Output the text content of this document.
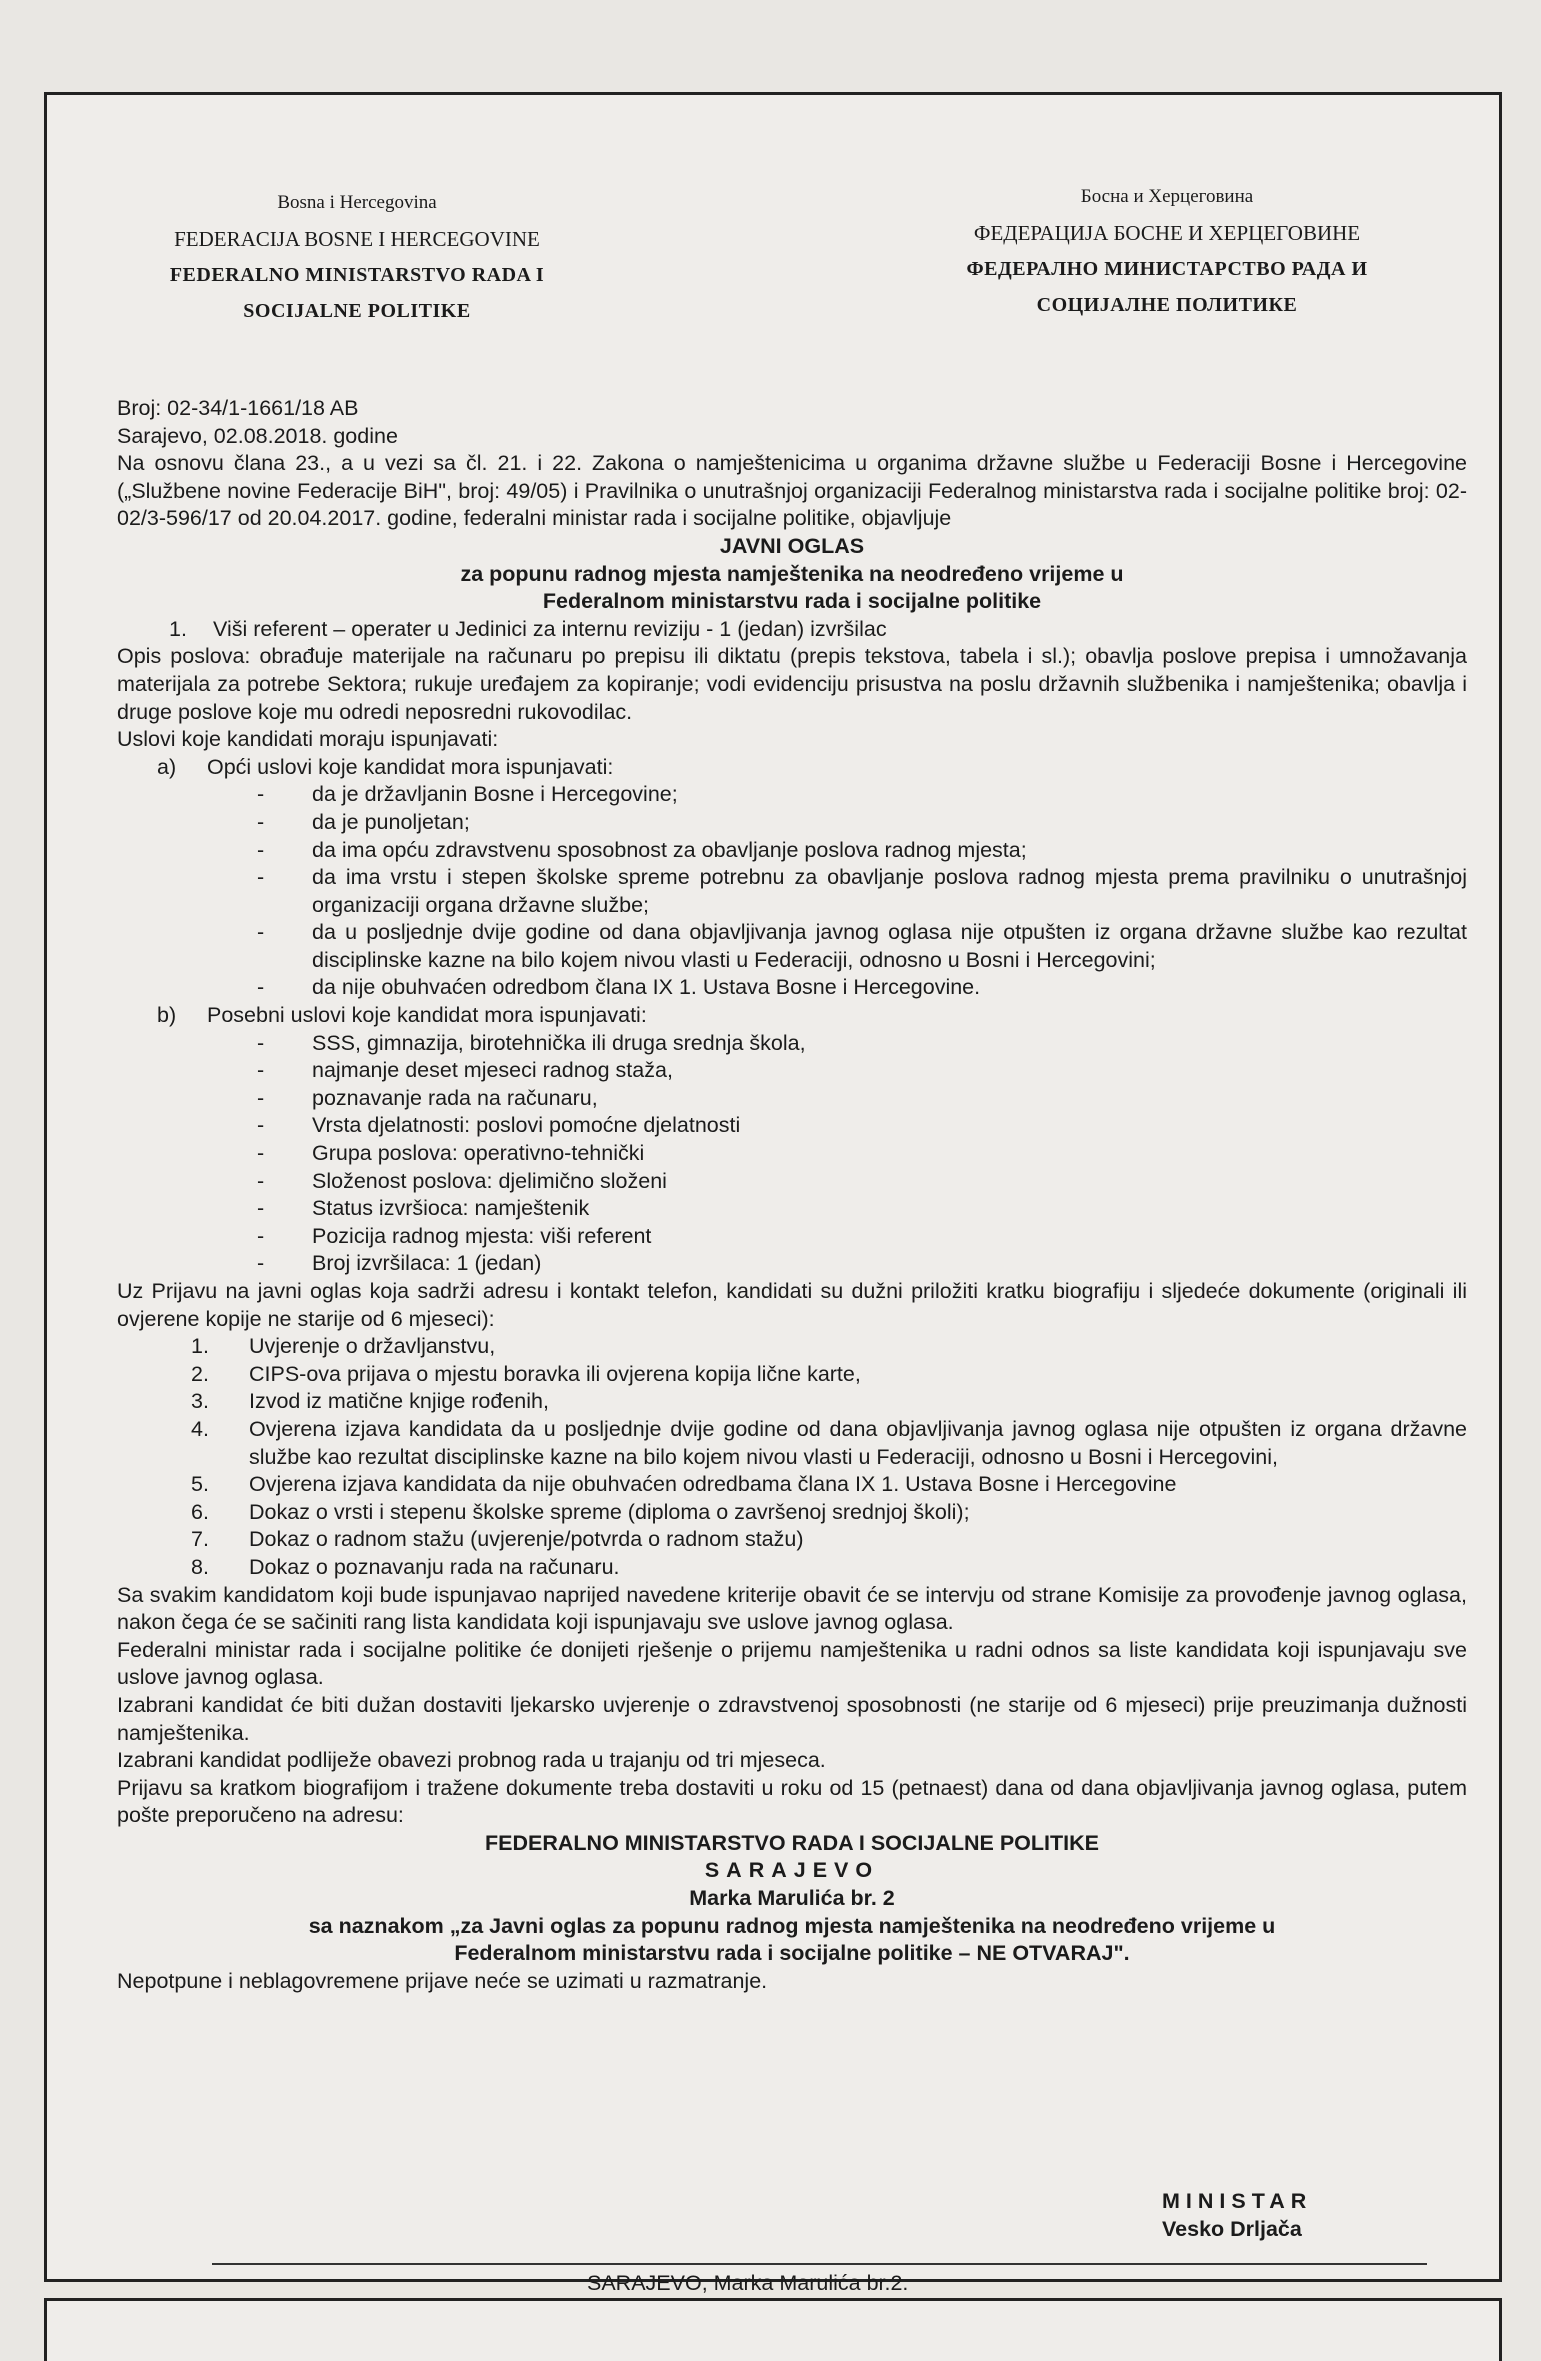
Bosna i Hercegovina
FEDERACIJA BOSNE I HERCEGOVINE
FEDERALNO MINISTARSTVO RADA I
SOCIJALNE POLITIKE
Босна и Херцеговина
ФЕДЕРАЦИЈА БОСНЕ И ХЕРЦЕГОВИНЕ
ФЕДЕРАЛНО МИНИСТАРСТВО РАДА И
СОЦИЈАЛНЕ ПОЛИТИКЕ
Broj: 02-34/1-1661/18 AB
Sarajevo, 02.08.2018. godine
Na osnovu člana 23., a u vezi sa čl. 21. i 22. Zakona o namještenicima u organima državne službe u Federaciji Bosne i Hercegovine („Službene novine Federacije BiH", broj: 49/05) i Pravilnika o unutrašnjoj organizaciji Federalnog ministarstva rada i socijalne politike broj: 02-02/3-596/17 od 20.04.2017. godine, federalni ministar rada i socijalne politike, objavljuje
JAVNI OGLAS
za popunu radnog mjesta namještenika na neodređeno vrijeme u
Federalnom ministarstvu rada i socijalne politike
1.	Viši referent – operater u Jedinici za internu reviziju - 1 (jedan) izvršilac
Opis poslova: obrađuje materijale na računaru po prepisu ili diktatu (prepis tekstova, tabela i sl.); obavlja poslove prepisa i umnožavanja materijala za potrebe Sektora; rukuje uređajem za kopiranje; vodi evidenciju prisustva na poslu državnih službenika i namještenika; obavlja i druge poslove koje mu odredi neposredni rukovodilac.
Uslovi koje kandidati moraju ispunjavati:
a)	Opći uslovi koje kandidat mora ispunjavati:
-	da je državljanin Bosne i Hercegovine;
-	da je punoljetan;
-	da ima opću zdravstvenu sposobnost za obavljanje poslova radnog mjesta;
-	da ima vrstu i stepen školske spreme potrebnu za obavljanje poslova radnog mjesta prema pravilniku o unutrašnjoj organizaciji organa državne službe;
-	da u posljednje dvije godine od dana objavljivanja javnog oglasa nije otpušten iz organa državne službe kao rezultat disciplinske kazne na bilo kojem nivou vlasti u Federaciji, odnosno u Bosni i Hercegovini;
-	da nije obuhvaćen odredbom člana IX 1. Ustava Bosne i Hercegovine.
b)	Posebni uslovi koje kandidat mora ispunjavati:
-	SSS, gimnazija, birotehnička ili druga srednja škola,
-	najmanje deset mjeseci radnog staža,
-	poznavanje rada na računaru,
-	Vrsta djelatnosti: poslovi pomoćne djelatnosti
-	Grupa poslova: operativno-tehnički
-	Složenost poslova: djelimično složeni
-	Status izvršioca: namještenik
-	Pozicija radnog mjesta: viši referent
-	Broj izvršilaca: 1 (jedan)
Uz Prijavu na javni oglas koja sadrži adresu i kontakt telefon, kandidati su dužni priložiti kratku biografiju i sljedeće dokumente (originali ili ovjerene kopije ne starije od 6 mjeseci):
1.	Uvjerenje o državljanstvu,
2.	CIPS-ova prijava o mjestu boravka ili ovjerena kopija lične karte,
3.	Izvod iz matične knjige rođenih,
4.	Ovjerena izjava kandidata da u posljednje dvije godine od dana objavljivanja javnog oglasa nije otpušten iz organa državne službe kao rezultat disciplinske kazne na bilo kojem nivou vlasti u Federaciji, odnosno u Bosni i Hercegovini,
5.	Ovjerena izjava kandidata da nije obuhvaćen odredbama člana IX 1. Ustava Bosne i Hercegovine
6.	Dokaz o vrsti i stepenu školske spreme (diploma o završenoj srednjoj školi);
7.	Dokaz o radnom stažu (uvjerenje/potvrda o radnom stažu)
8.	Dokaz o poznavanju rada na računaru.
Sa svakim kandidatom koji bude ispunjavao naprijed navedene kriterije obavit će se intervju od strane Komisije za provođenje javnog oglasa, nakon čega će se sačiniti rang lista kandidata koji ispunjavaju sve uslove javnog oglasa.
Federalni ministar rada i socijalne politike će donijeti rješenje o prijemu namještenika u radni odnos sa liste kandidata koji ispunjavaju sve uslove javnog oglasa.
Izabrani kandidat će biti dužan dostaviti ljekarsko uvjerenje o zdravstvenoj sposobnosti (ne starije od 6 mjeseci) prije preuzimanja dužnosti namještenika.
Izabrani kandidat podliježe obavezi probnog rada u trajanju od tri mjeseca.
Prijavu sa kratkom biografijom i tražene dokumente treba dostaviti u roku od 15 (petnaest) dana od dana objavljivanja javnog oglasa, putem pošte preporučeno na adresu:
FEDERALNO MINISTARSTVO RADA I SOCIJALNE POLITIKE
SARAJEVO
Marka Marulića br. 2
sa naznakom „za Javni oglas za popunu radnog mjesta namještenika na neodređeno vrijeme u
Federalnom ministarstvu rada i socijalne politike – NE OTVARAJ".
Nepotpune i neblagovremene prijave neće se uzimati u razmatranje.
MINISTAR
Vesko Drljača
SARAJEVO, Marka Marulića br.2.
